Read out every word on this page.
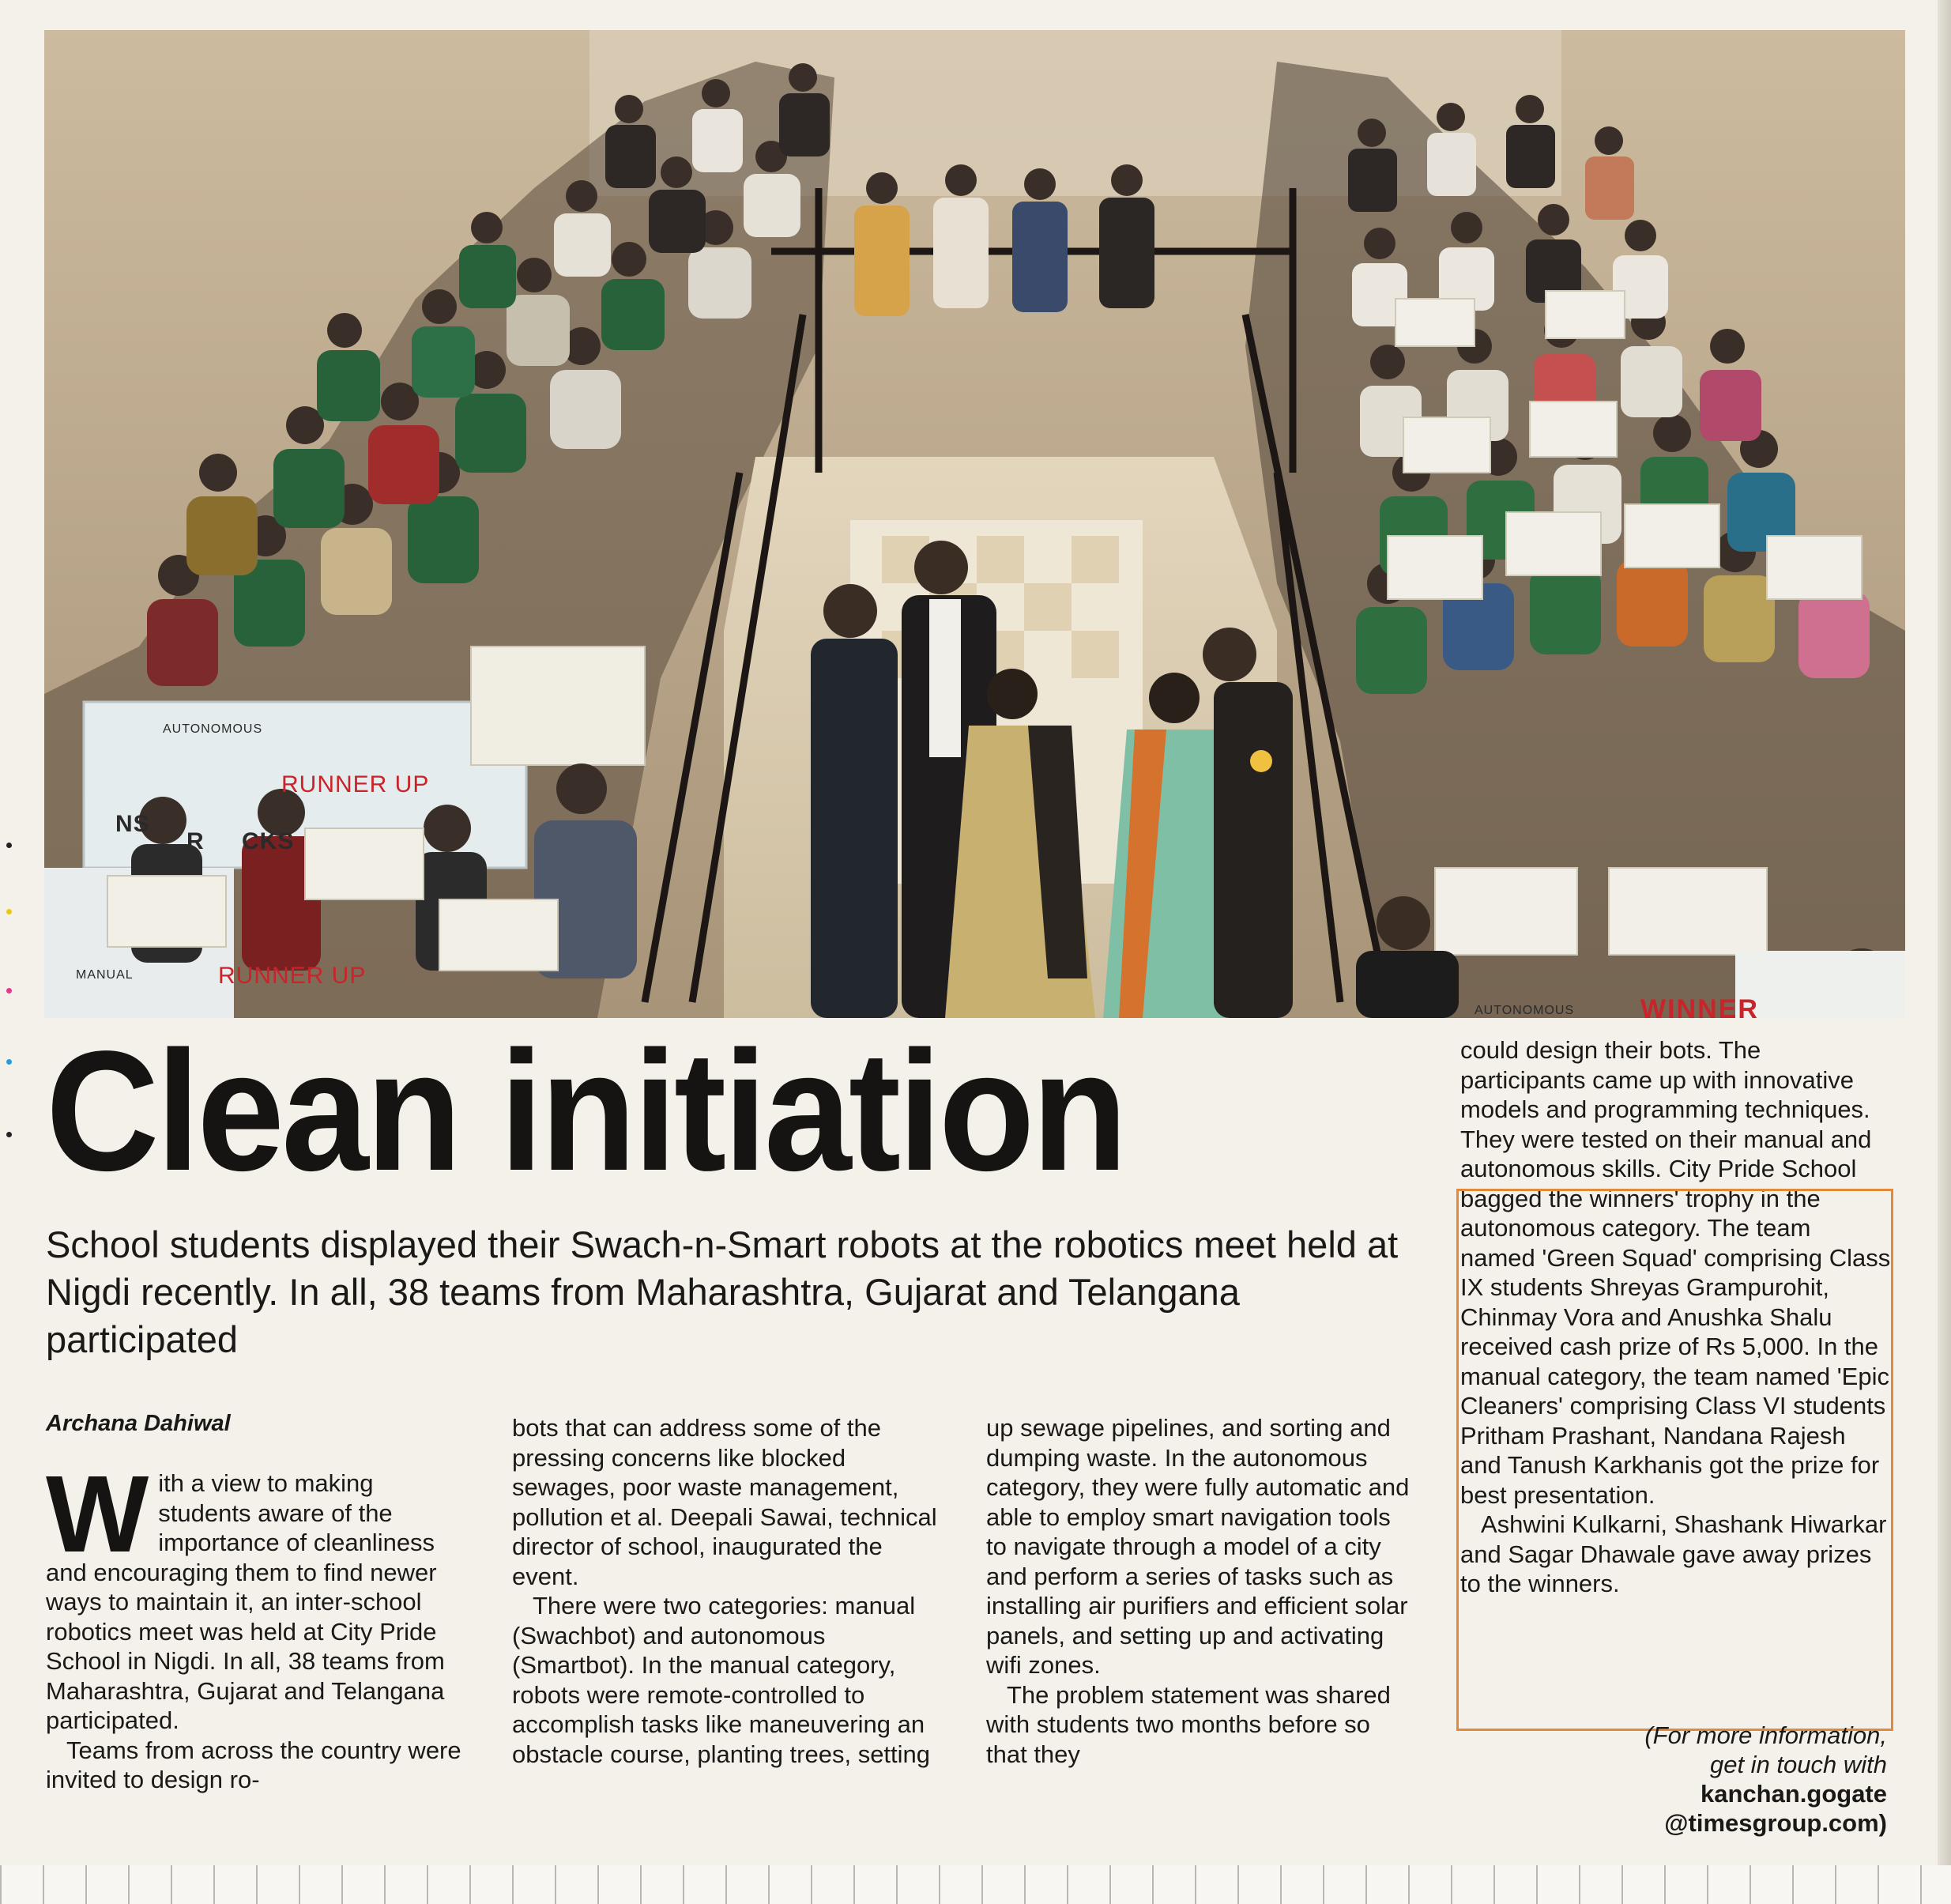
AUTONOMOUS
RUNNER UP
NS
R CKS
MANUAL	RUNNER UP
AUTONOMOUS WINNER
Clean initiation
School students displayed their Swach-n-Smart robots at the robotics meet held at Nigdi recently. In all, 38 teams from Maharashtra, Gujarat and Telangana participated
Archana Dahiwal

With a view to making students aware of the importance of cleanliness and encouraging them to find newer ways to maintain it, an inter-school robotics meet was held at City Pride School in Nigdi. In all, 38 teams from Maharashtra, Gujarat and Telangana participated.

Teams from across the country were invited to design ro-

bots that can address some of the pressing concerns like blocked sewages, poor waste management, pollution et al. Deepali Sawai, technical director of school, inaugurated the event.

There were two categories: manual (Swachbot) and autonomous (Smartbot). In the manual category, robots were remote-controlled to accomplish tasks like maneuvering an obstacle course, planting trees, setting

up sewage pipelines, and sorting and dumping waste. In the autonomous category, they were fully automatic and able to employ smart navigation tools to navigate through a model of a city and perform a series of tasks such as installing air purifiers and efficient solar panels, and setting up and activating wifi zones.

The problem statement was shared with students two months before so that they

could design their bots. The participants came up with innovative models and programming techniques. They were tested on their manual and autonomous skills. City Pride School bagged the winners' trophy in the autonomous category. The team named 'Green Squad' comprising Class IX students Shreyas Grampurohit, Chinmay Vora and Anushka Shalu received cash prize of Rs 5,000. In the manual category, the team named 'Epic Cleaners' comprising Class VI students Pritham Prashant, Nandana Rajesh and Tanush Karkhanis got the prize for best presentation.

Ashwini Kulkarni, Shashank Hiwarkar and Sagar Dhawale gave away prizes to the winners.

(For more information,
get in touch with
kanchan.gogate
@timesgroup.com)
